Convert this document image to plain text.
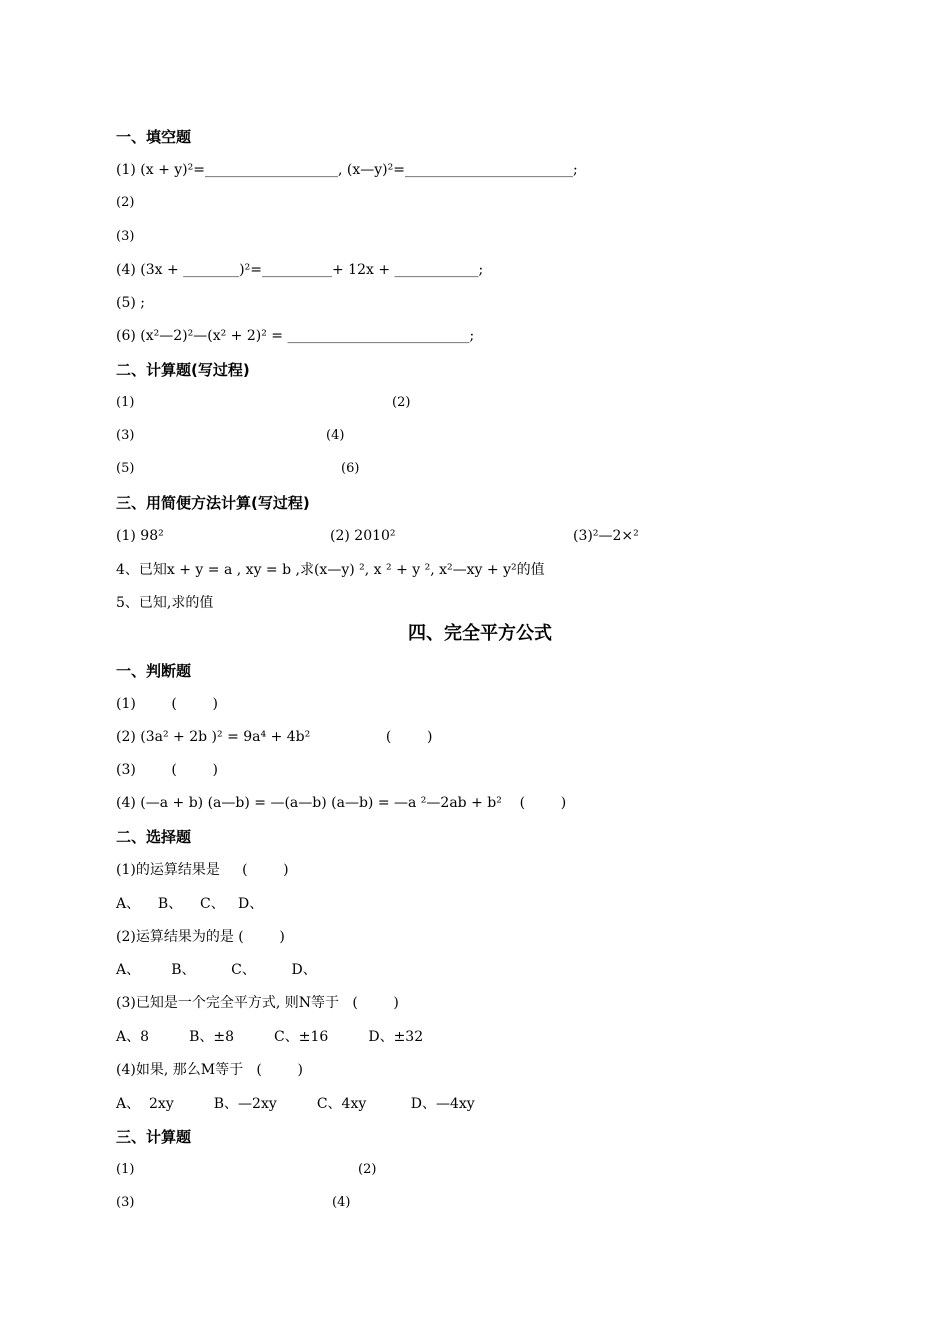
一、填空题
(1) (x + y)²=___________________, (x—y)²=________________________;
(2)
(3)
(4) (3x + ________)²=__________+ 12x + ____________;
(5) ;
(6) (x²—2)²—(x² + 2)² = __________________________;
二、计算题(写过程)
(1)	(2)
(3)	(4)
(5)	(6)
三、用简便方法计算(写过程)
(1) 98²	(2) 2010²	(3)²—2×²
4、已知x + y = a , xy = b ,求(x—y) ², x ² + y ², x²—xy + y²的值
5、已知,求的值
四、完全平方公式
一、判断题
(1)        (        )
(2) (3a² + 2b )² = 9a⁴ + 4b²                 (        )
(3)        (        )
(4) (—a + b) (a—b) = —(a—b) (a—b) = —a ²—2ab + b²    (        )
二、选择题
(1)的运算结果是     (        )
A、    B、    C、   D、
(2)运算结果为的是 (        )
A、       B、        C、        D、
(3)已知是一个完全平方式, 则N等于   (        )
A、8         B、±8         C、±16         D、±32
(4)如果, 那么M等于   (        )
A、  2xy         B、—2xy         C、4xy          D、—4xy
三、计算题
(1)	(2)
(3)	(4)
